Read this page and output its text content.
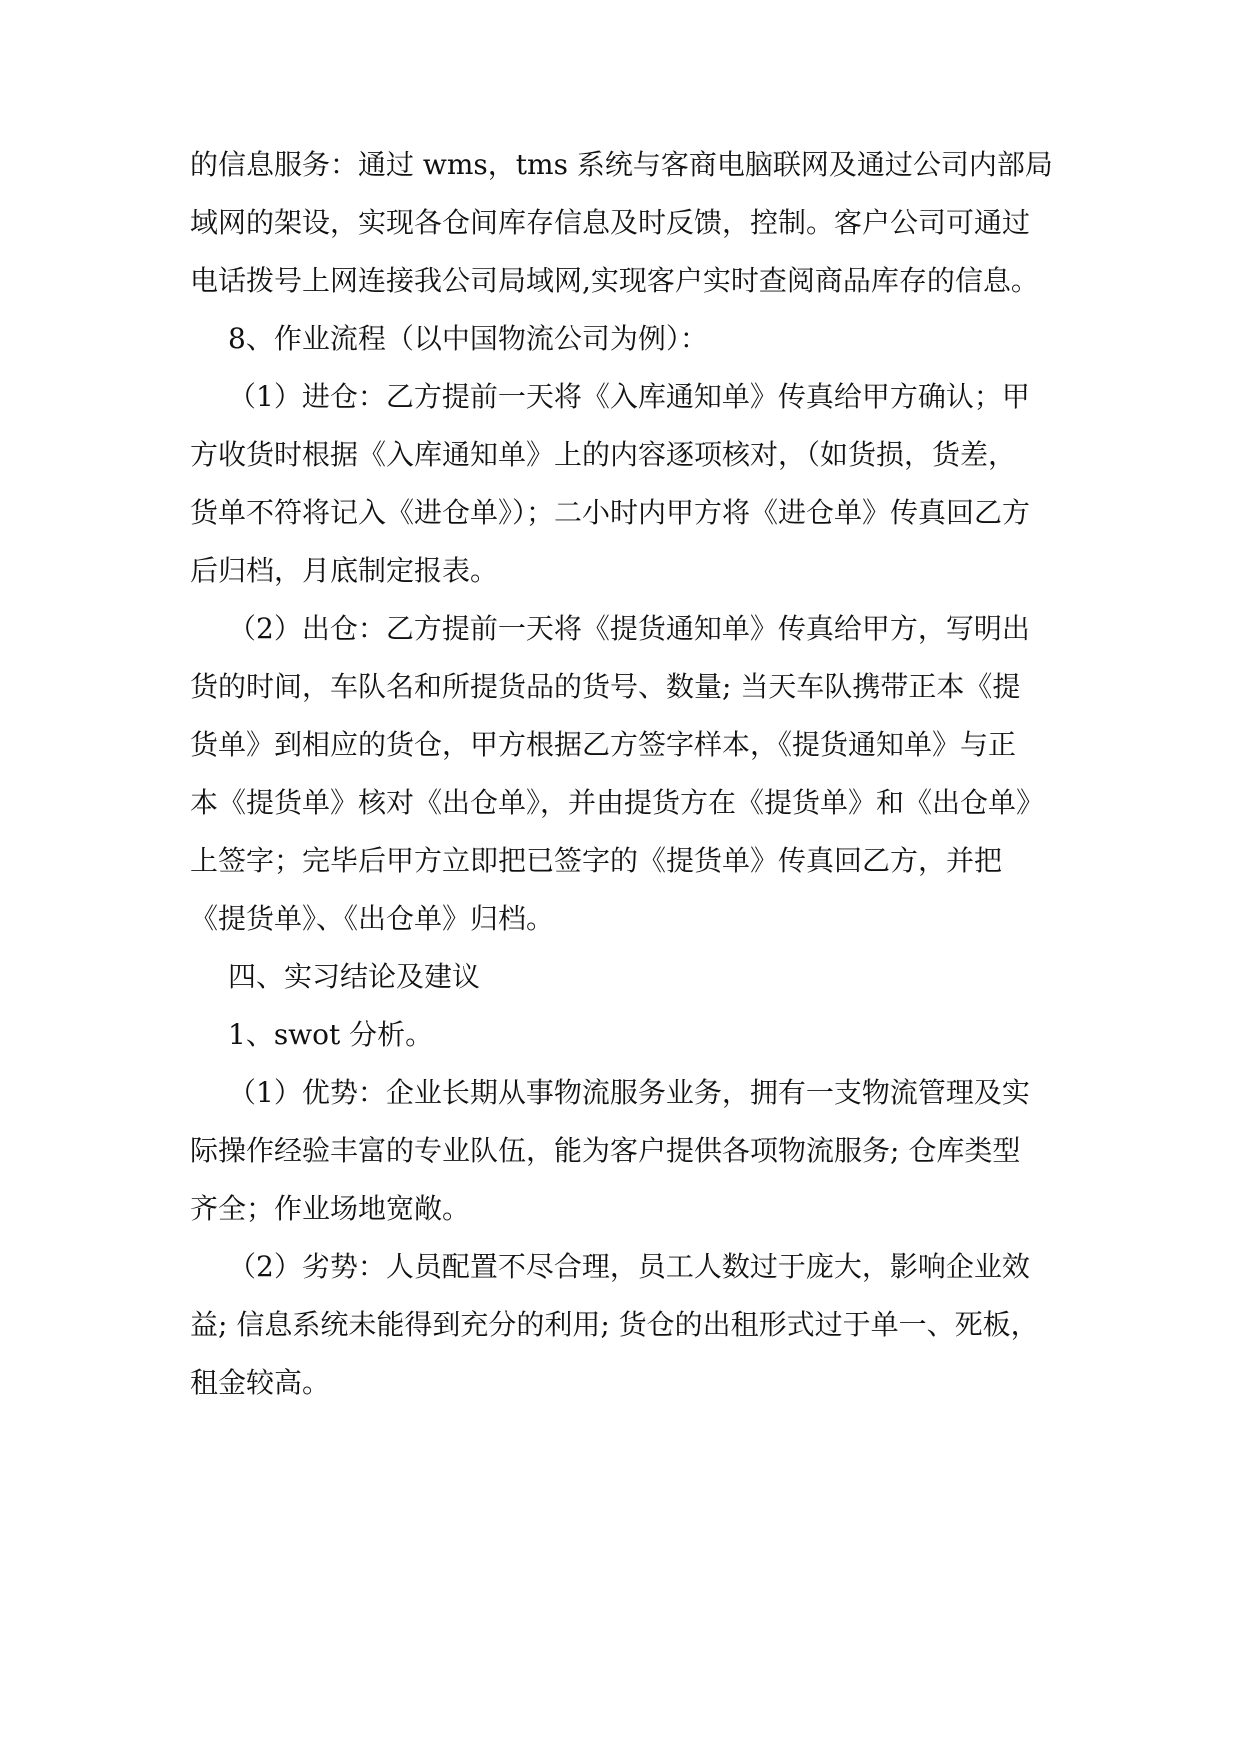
的信息服务：通过 wms，tms 系统与客商电脑联网及通过公司内部局
域网的架设，实现各仓间库存信息及时反馈，控制。客户公司可通过
电话拨号上网连接我公司局域网,实现客户实时查阅商品库存的信息。
8、作业流程（以中国物流公司为例）：
（1）进仓：乙方提前一天将《入库通知单》传真给甲方确认；甲
方收货时根据《入库通知单》上的内容逐项核对，（如货损，货差，
货单不符将记入《进仓单》）；二小时内甲方将《进仓单》传真回乙方
后归档，月底制定报表。
（2）出仓：乙方提前一天将《提货通知单》传真给甲方，写明出
货的时间，车队名和所提货品的货号、数量; 当天车队携带正本《提
货单》到相应的货仓，甲方根据乙方签字样本，《提货通知单》与正
本《提货单》核对《出仓单》，并由提货方在《提货单》和《出仓单》
上签字；完毕后甲方立即把已签字的《提货单》传真回乙方，并把
《提货单》、《出仓单》归档。
四、实习结论及建议
1、swot 分析。
（1）优势：企业长期从事物流服务业务，拥有一支物流管理及实
际操作经验丰富的专业队伍，能为客户提供各项物流服务; 仓库类型
齐全；作业场地宽敞。
（2）劣势：人员配置不尽合理，员工人数过于庞大，影响企业效
益; 信息系统未能得到充分的利用; 货仓的出租形式过于单一、死板，
租金较高。
